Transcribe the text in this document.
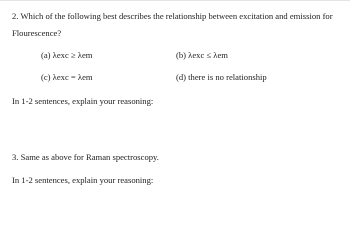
2. Which of the following best describes the relationship between excitation and emission for
Flourescence?
(a) λexc ≥ λem	(b) λexc ≤ λem
(c) λexc = λem	(d) there is no relationship
In 1-2 sentences, explain your reasoning:
3. Same as above for Raman spectroscopy.
In 1-2 sentences, explain your reasoning:
